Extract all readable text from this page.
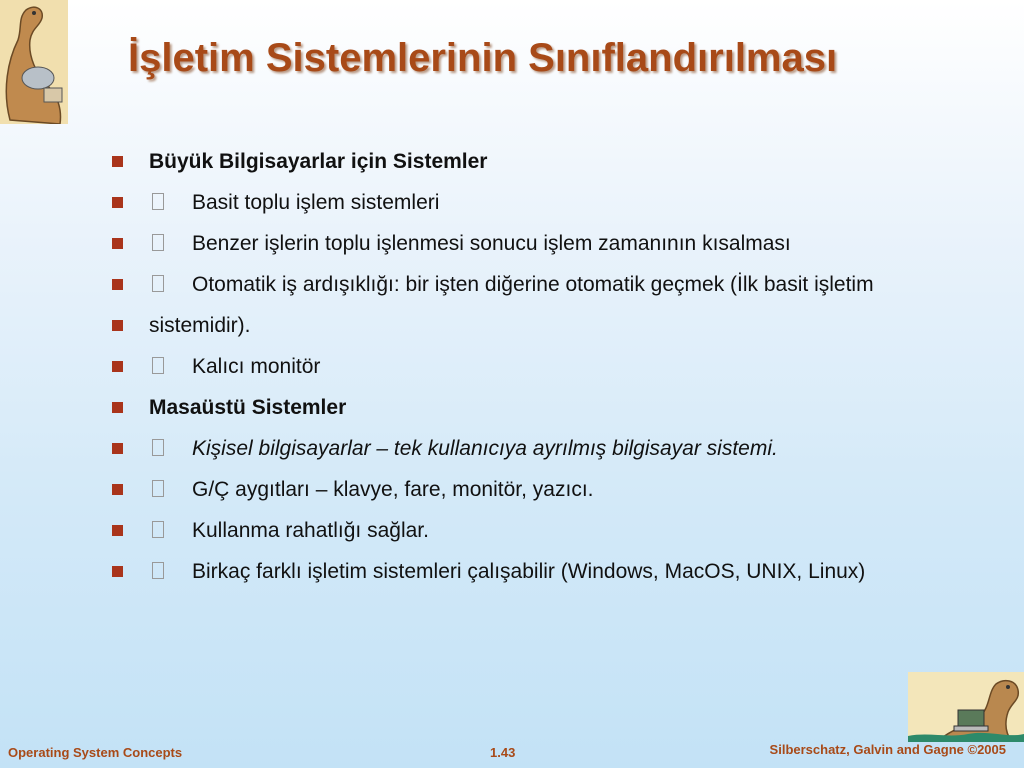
İşletim Sistemlerinin Sınıflandırılması
Büyük Bilgisayarlar için Sistemler
Basit toplu işlem sistemleri
Benzer işlerin toplu işlenmesi sonucu işlem zamanının kısalması
Otomatik iş ardışıklığı: bir işten diğerine otomatik geçmek (İlk basit işletim
sistemidir).
Kalıcı monitör
Masaüstü Sistemler
Kişisel bilgisayarlar – tek kullanıcıya ayrılmış bilgisayar sistemi.
G/Ç aygıtları – klavye, fare, monitör, yazıcı.
Kullanma rahatlığı sağlar.
Birkaç farklı işletim sistemleri çalışabilir (Windows, MacOS, UNIX, Linux)
Operating System Concepts	1.43	Silberschatz, Galvin and Gagne ©2005
